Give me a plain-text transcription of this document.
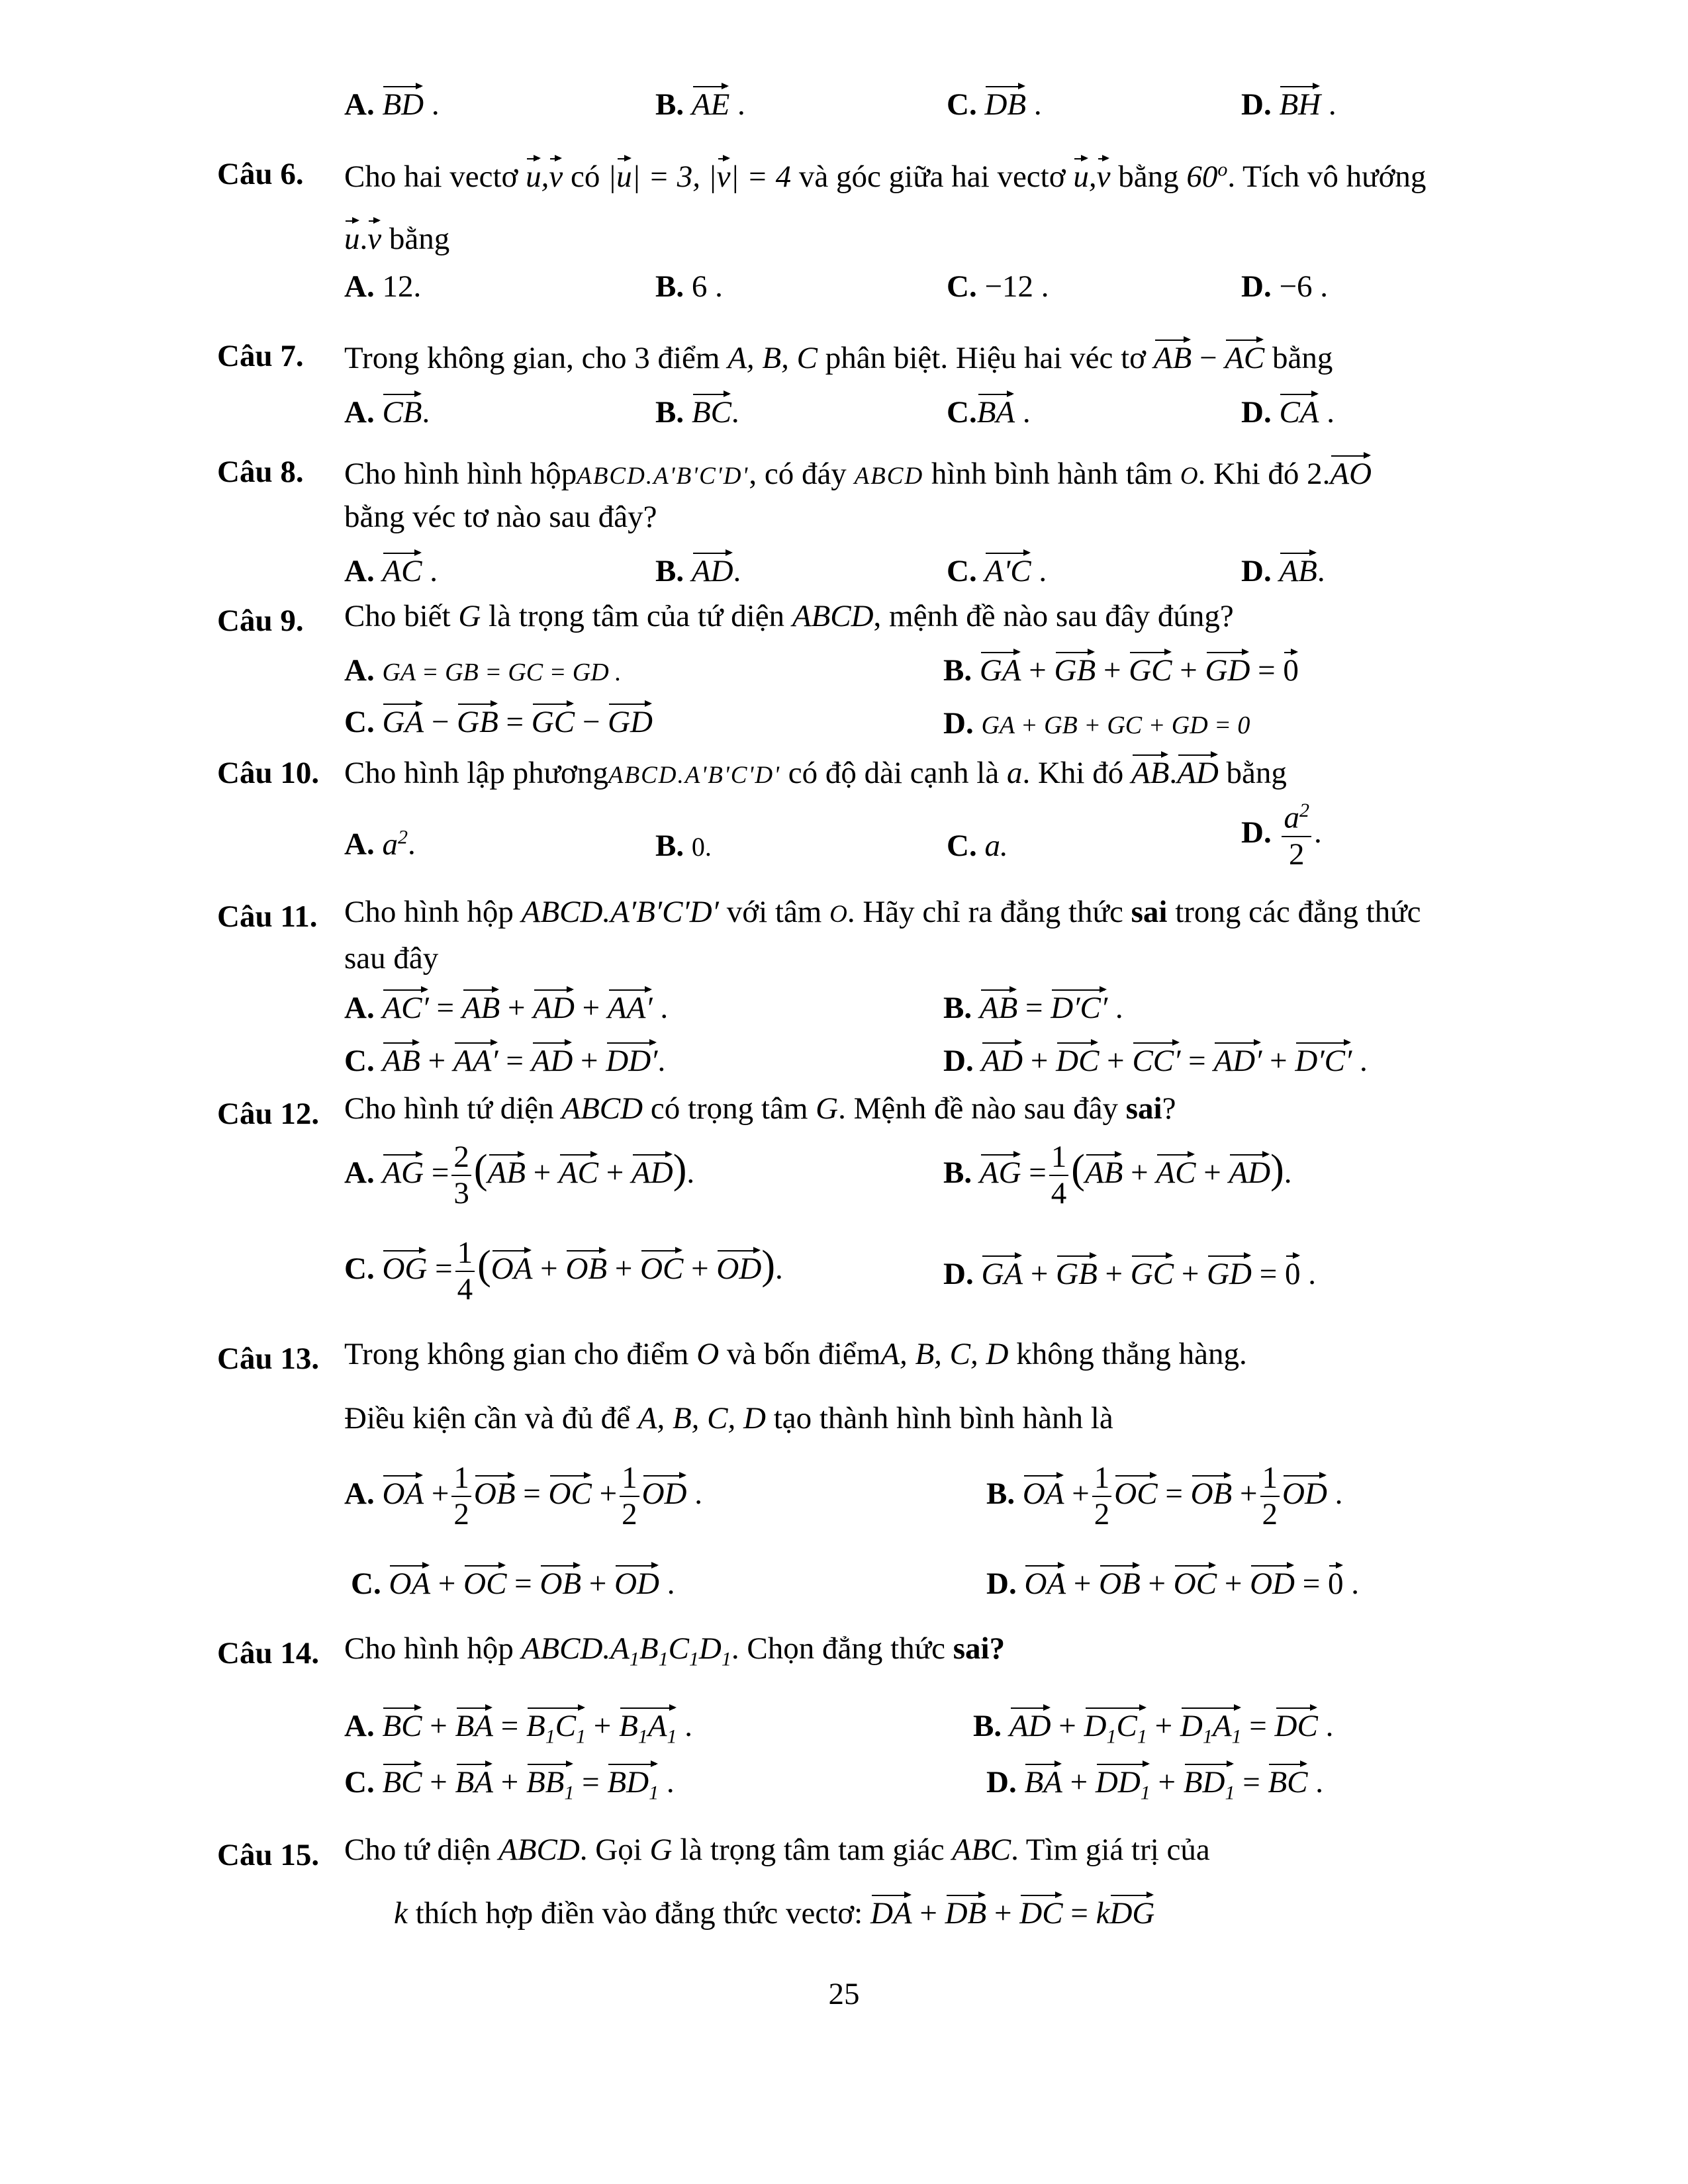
A. BD .	B. AE .	C. DB .	D. BH .
Câu 6. Cho hai vectơ u,v có |u| = 3, |v| = 4 và góc giữa hai vectơ u,v bằng 60$^o$. Tích vô hướng
u.v bằng
A. 12.	B. 6 .	C. −12 .	D. −6 .
Câu 7. Trong không gian, cho 3 điểm A, B, C phân biệt. Hiệu hai véc tơ AB − AC bằng
A. CB.	B. BC.	C.BA .	D. CA .
Câu 8. Cho hình hình hộpABCD.A'B'C'D', có đáy ABCD hình bình hành tâm O. Khi đó 2.AO
bằng véc tơ nào sau đây?
A. AC .	B. AD.	C. A'C .	D. AB.
Câu 9. Cho biết G là trọng tâm của tứ diện ABCD, mệnh đề nào sau đây đúng?
A. GA = GB = GC = GD .	B. GA + GB + GC + GD = 0
C. GA − GB = GC − GD	D. GA + GB + GC + GD = 0
Câu 10. Cho hình lập phươngABCD.A'B'C'D' có độ dài cạnh là a. Khi đó AB.AD bằng
A. $a^2$.	B. 0.	C. a.	D. $\frac{a^2}{2}$ .
Câu 11. Cho hình hộp ABCD.A′B′C′D′ với tâm O. Hãy chỉ ra đẳng thức sai trong các đẳng thức
sau đây
A. AC′ = AB + AD + AA′ .	B. AB = D′C′ .
C. AB + AA′ = AD + DD′.	D. AD + DC + CC′ = AD′ + D′C′ .
Câu 12. Cho hình tứ diện ABCD có trọng tâm G. Mệnh đề nào sau đây sai?
A. AG = $\frac{2}{3} (AB$ + AC + AD).	B. AG = $\frac{1}{4} (AB$ + AC + AD).
C. OG = $\frac{1}{4} (OA$ + OB + OC + OD).	D. GA + GB + GC + GD = 0 .
Câu 13. Trong không gian cho điểm O và bốn điểmA, B, C, D không thẳng hàng.
Điều kiện cần và đủ để A, B, C, D tạo thành hình bình hành là
A. OA + $\frac{1}{2}$ OB = OC + $\frac{1}{2}$ OD .	B. OA + $\frac{1}{2}$ OC = OB + $\frac{1}{2}$ OD .
C. OA + OC = OB + OD .	D. OA + OB + OC + OD = 0 .
Câu 14. Cho hình hộp $ABCD.A_1B_1C_1D_1$. Chọn đẳng thức sai?
A. BC + BA = $B_1C_1 + B_1A_1$ .	B. AD + $D_1C_1 + D_1A_1$ = DC .
C. BC + BA + $BB_1 = BD_1$ .	D. BA + $DD_1 + BD_1$ = BC .
Câu 15. Cho tứ diện ABCD. Gọi G là trọng tâm tam giác ABC. Tìm giá trị của
k thích hợp điền vào đẳng thức vectơ: DA + DB + DC = kDG
25
